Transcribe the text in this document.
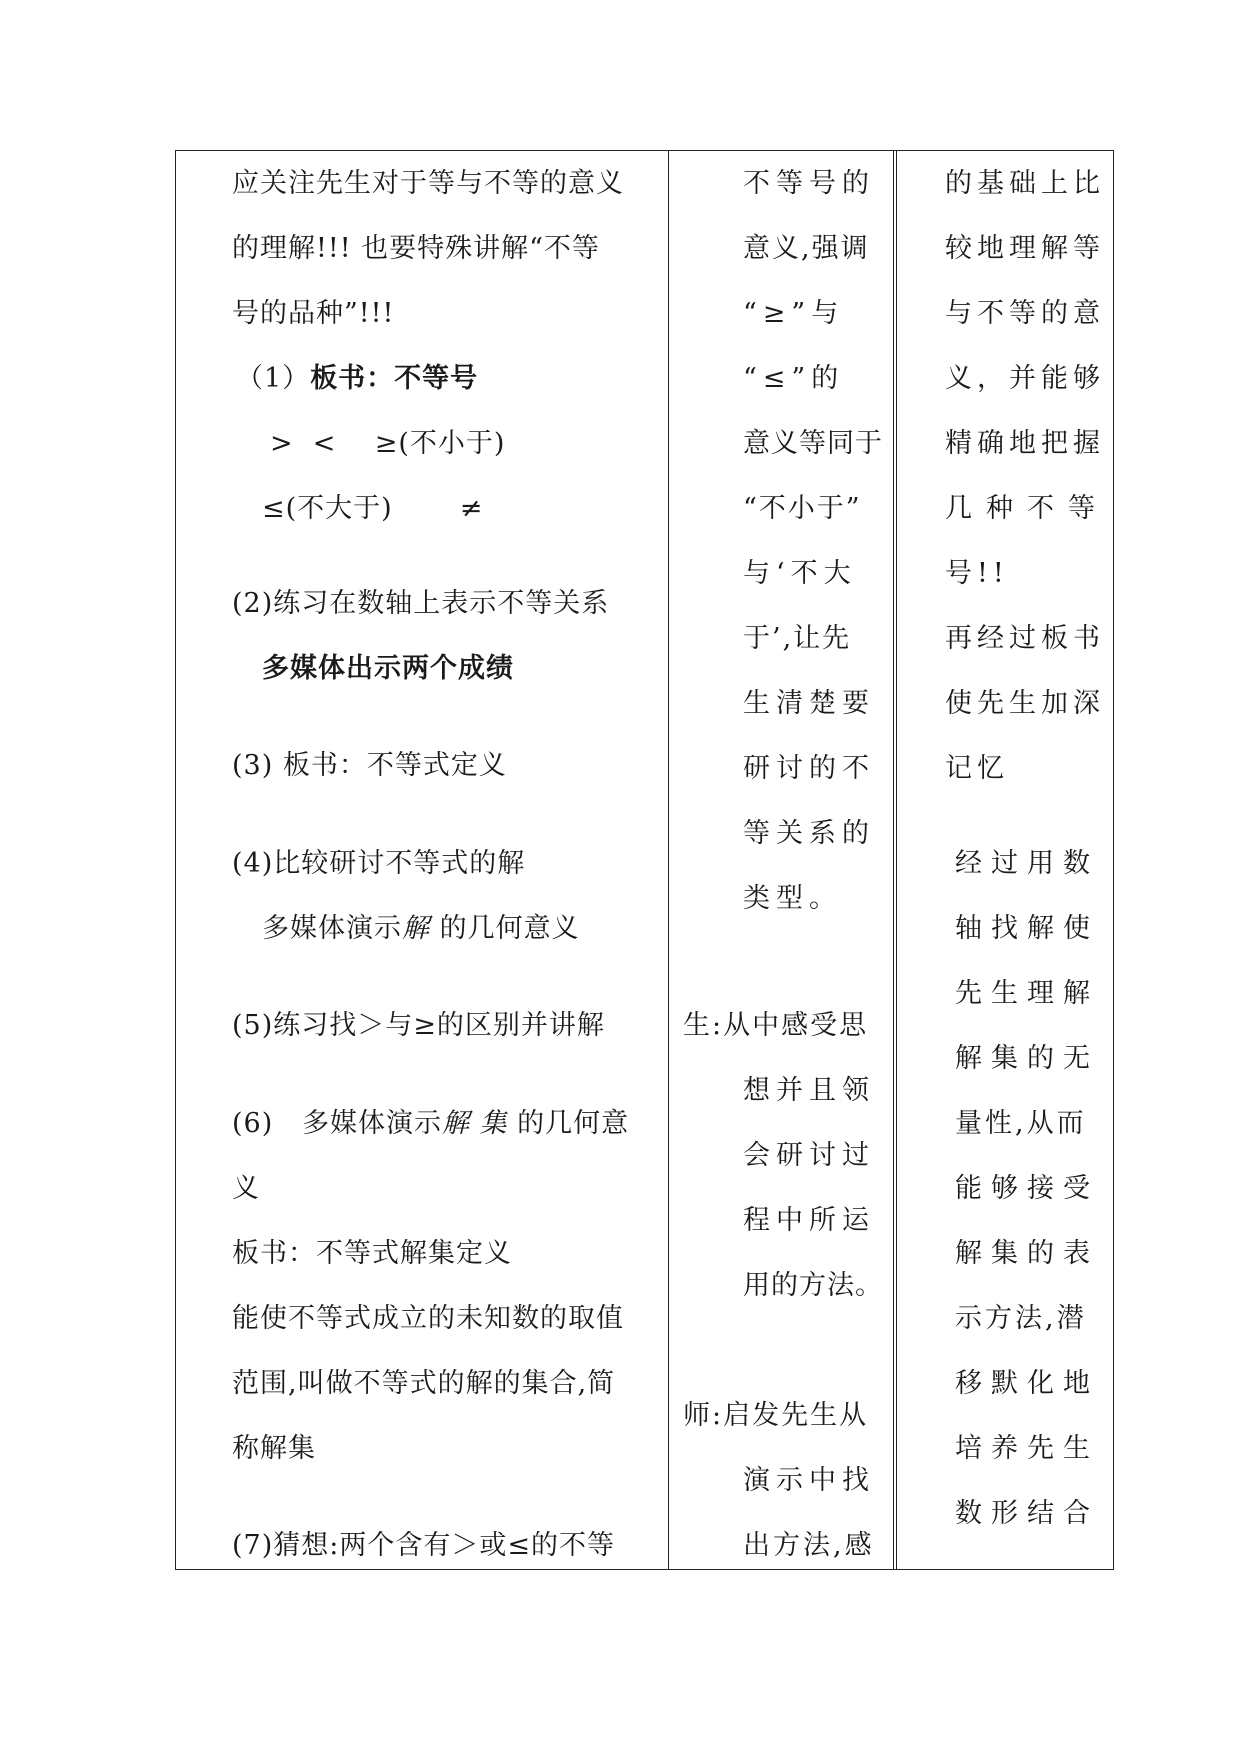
应关注先生对于等与不等的意义
的理解!!! 也要特殊讲解“不等
号的品种”!!!
（1）板书：不等号
>  <    ≥(不小于)
≤(不大于)       ≠
(2)练习在数轴上表示不等关系
多媒体出示两个成绩
(3) 板书：不等式定义
(4)比较研讨不等式的解
多媒体演示解 的几何意义
(5)练习找＞与≥的区别并讲解
(6)   多媒体演示解 集 的几何意
义
板书：不等式解集定义
能使不等式成立的未知数的取值
范围,叫做不等式的解的集合,简
称解集
(7)猜想:两个含有＞或≤的不等
不等号的
意义,强调
“≥”与
“≤”的
意义等同于
“不小于”
与‘不大
于’,让先
生清楚要
研讨的不
等关系的
类型。
生:从中感受思
想并且领
会研讨过
程中所运
用的方法。
师:启发先生从
演示中找
出方法,感
的基础上比
较地理解等
与不等的意
义，并能够
精确地把握
几种不等
号!!
再经过板书
使先生加深
记忆
经过用数
轴找解使
先生理解
解集的无
量性,从而
能够接受
解集的表
示方法,潜
移默化地
培养先生
数形结合
